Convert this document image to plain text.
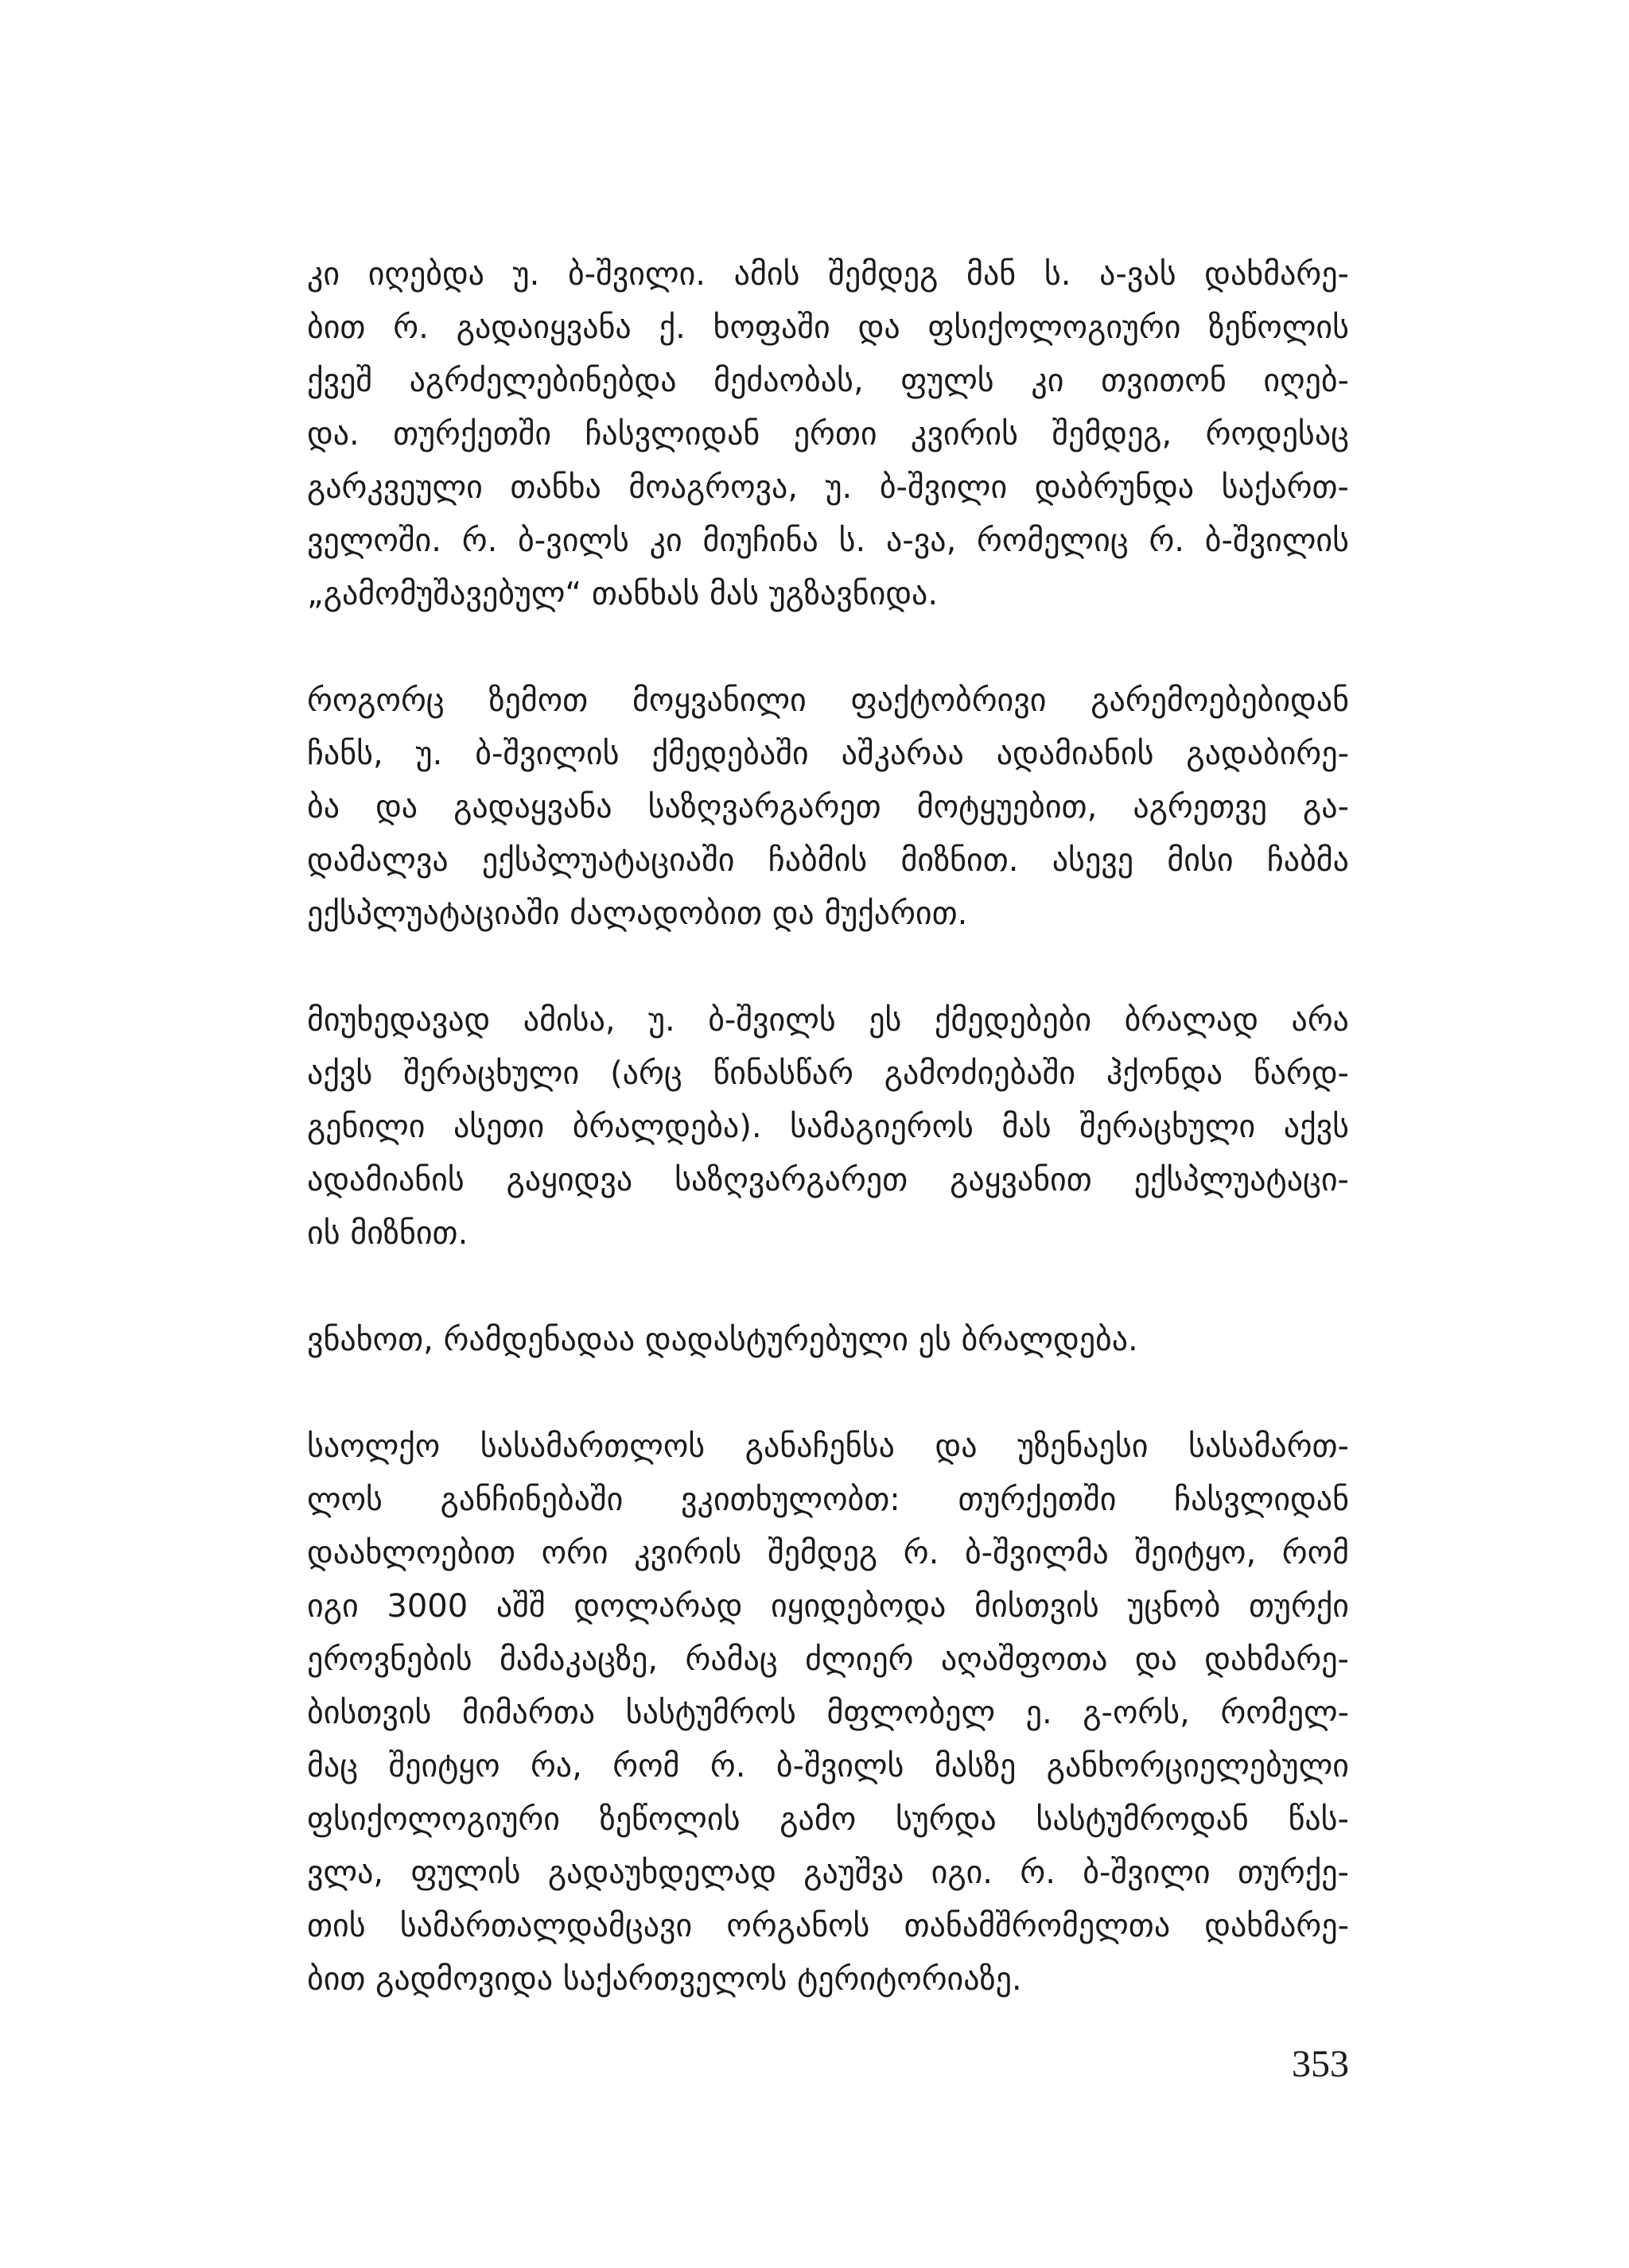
კი იღებდა უ. ბ-შვილი. ამის შემდეგ მან ს. ა-ვას დახმარე-
ბით რ. გადაიყვანა ქ. ხოფაში და ფსიქოლოგიური ზეწოლის
ქვეშ აგრძელებინებდა მეძაობას, ფულს კი თვითონ იღებ-
და. თურქეთში ჩასვლიდან ერთი კვირის შემდეგ, როდესაც
გარკვეული თანხა მოაგროვა, უ. ბ-შვილი დაბრუნდა საქართ-
ველოში. რ. ბ-ვილს კი მიუჩინა ს. ა-ვა, რომელიც რ. ბ-შვილის
„გამომუშავებულ“ თანხას მას უგზავნიდა.

როგორც ზემოთ მოყვანილი ფაქტობრივი გარემოებებიდან
ჩანს, უ. ბ-შვილის ქმედებაში აშკარაა ადამიანის გადაბირე-
ბა და გადაყვანა საზღვარგარეთ მოტყუებით, აგრეთვე გა-
დამალვა ექსპლუატაციაში ჩაბმის მიზნით. ასევე მისი ჩაბმა
ექსპლუატაციაში ძალადობით და მუქარით.

მიუხედავად ამისა, უ. ბ-შვილს ეს ქმედებები ბრალად არა
აქვს შერაცხული (არც წინასწარ გამოძიებაში ჰქონდა წარდ-
გენილი ასეთი ბრალდება). სამაგიეროს მას შერაცხული აქვს
ადამიანის გაყიდვა საზღვარგარეთ გაყვანით ექსპლუატაცი-
ის მიზნით.

ვნახოთ, რამდენადაა დადასტურებული ეს ბრალდება.

საოლქო სასამართლოს განაჩენსა და უზენაესი სასამართ-
ლოს განჩინებაში ვკითხულობთ: თურქეთში ჩასვლიდან
დაახლოებით ორი კვირის შემდეგ რ. ბ-შვილმა შეიტყო, რომ
იგი 3000 აშშ დოლარად იყიდებოდა მისთვის უცნობ თურქი
ეროვნების მამაკაცზე, რამაც ძლიერ აღაშფოთა და დახმარე-
ბისთვის მიმართა სასტუმროს მფლობელ ე. გ-ორს, რომელ-
მაც შეიტყო რა, რომ რ. ბ-შვილს მასზე განხორციელებული
ფსიქოლოგიური ზეწოლის გამო სურდა სასტუმროდან წას-
ვლა, ფულის გადაუხდელად გაუშვა იგი. რ. ბ-შვილი თურქე-
თის სამართალდამცავი ორგანოს თანამშრომელთა დახმარე-
ბით გადმოვიდა საქართველოს ტერიტორიაზე.

353
